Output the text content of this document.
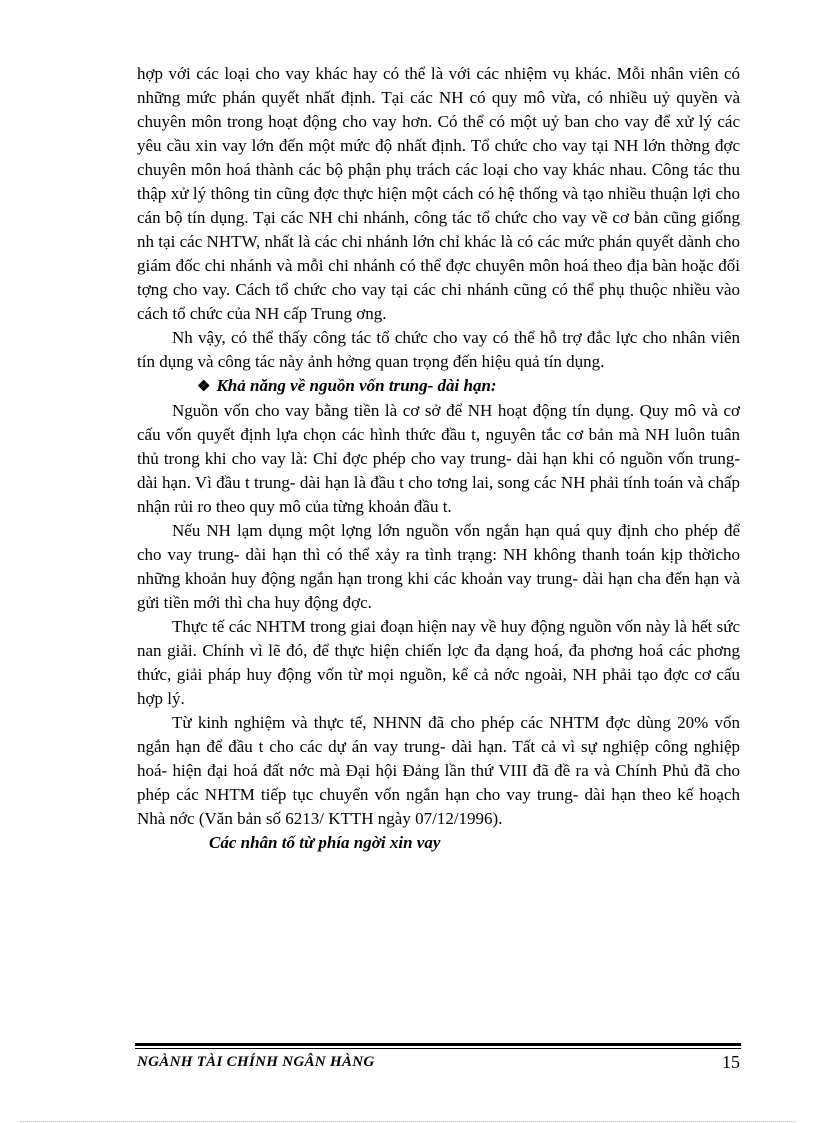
hợp với các loại cho vay khác hay có thể là với các nhiệm vụ khác. Mỗi nhân viên có những mức phán quyết nhất định. Tại các NH có quy mô vừa, có nhiều uỷ quyền và chuyên môn trong hoạt động cho vay hơn. Có thể có một uỷ ban cho vay để xử lý các yêu cầu xin vay lớn đến một mức độ nhất định. Tổ chức cho vay tại NH lớn thờng đợc chuyên môn hoá thành các bộ phận phụ trách các loại cho vay khác nhau. Công tác thu thập xử lý thông tin cũng đợc thực hiện một cách có hệ thống và tạo nhiều thuận lợi cho cán bộ tín dụng. Tại các NH chi nhánh, công tác tổ chức cho vay về cơ bản cũng giống nh tại các NHTW, nhất là các chi nhánh lớn chỉ khác là có các mức phán quyết dành cho giám đốc chi nhánh và mỗi chi nhánh có thể đợc chuyên môn hoá theo địa bàn hoặc đối tợng cho vay. Cách tổ chức cho vay tại các chi nhánh cũng có thể phụ thuộc nhiều vào cách tổ chức của NH cấp Trung ơng.

Nh vậy, có thể thấy công tác tổ chức cho vay có thể hỗ trợ đắc lực cho nhân viên tín dụng và công tác này ảnh hởng quan trọng đến hiệu quả tín dụng.

❖ Khả năng về nguồn vốn trung- dài hạn:

Nguồn vốn cho vay bằng tiền là cơ sở để NH hoạt động tín dụng. Quy mô và cơ cấu vốn quyết định lựa chọn các hình thức đầu t, nguyên tắc cơ bản mà NH luôn tuân thủ trong khi cho vay là: Chỉ đợc phép cho vay trung- dài hạn khi có nguồn vốn trung- dài hạn. Vì đầu t trung- dài hạn là đầu t cho tơng lai, song các NH phải tính toán và chấp nhận rủi ro theo quy mô của từng khoản đầu t.

Nếu NH lạm dụng một lợng lớn nguồn vốn ngắn hạn quá quy định cho phép để cho vay trung- dài hạn thì có thể xảy ra tình trạng: NH không thanh toán kịp thờicho những khoản huy động ngắn hạn trong khi các khoản vay trung- dài hạn cha đến hạn và gửi tiền mới thì cha huy động đợc.

Thực tế các NHTM trong giai đoạn hiện nay về huy động nguồn vốn này là hết sức nan giải. Chính vì lẽ đó, để thực hiện chiến lợc đa dạng hoá, đa phơng hoá các phơng thức, giải pháp huy động vốn từ mọi nguồn, kể cả nớc ngoài, NH phải tạo đợc cơ cấu hợp lý.

Từ kinh nghiệm và thực tế, NHNN đã cho phép các NHTM đợc dùng 20% vốn ngắn hạn để đầu t cho các dự án vay trung- dài hạn. Tất cả vì sự nghiệp công nghiệp hoá- hiện đại hoá đất nớc mà Đại hội Đảng lần thứ VIII đã đề ra và Chính Phủ đã cho phép các NHTM tiếp tục chuyển vốn ngắn hạn cho vay trung- dài hạn theo kế hoạch Nhà nớc (Văn bản số 6213/ KTTH ngày 07/12/1996).

Các nhân tố từ phía ngời xin vay

NGÀNH TÀI CHÍNH NGÂN HÀNG	15
